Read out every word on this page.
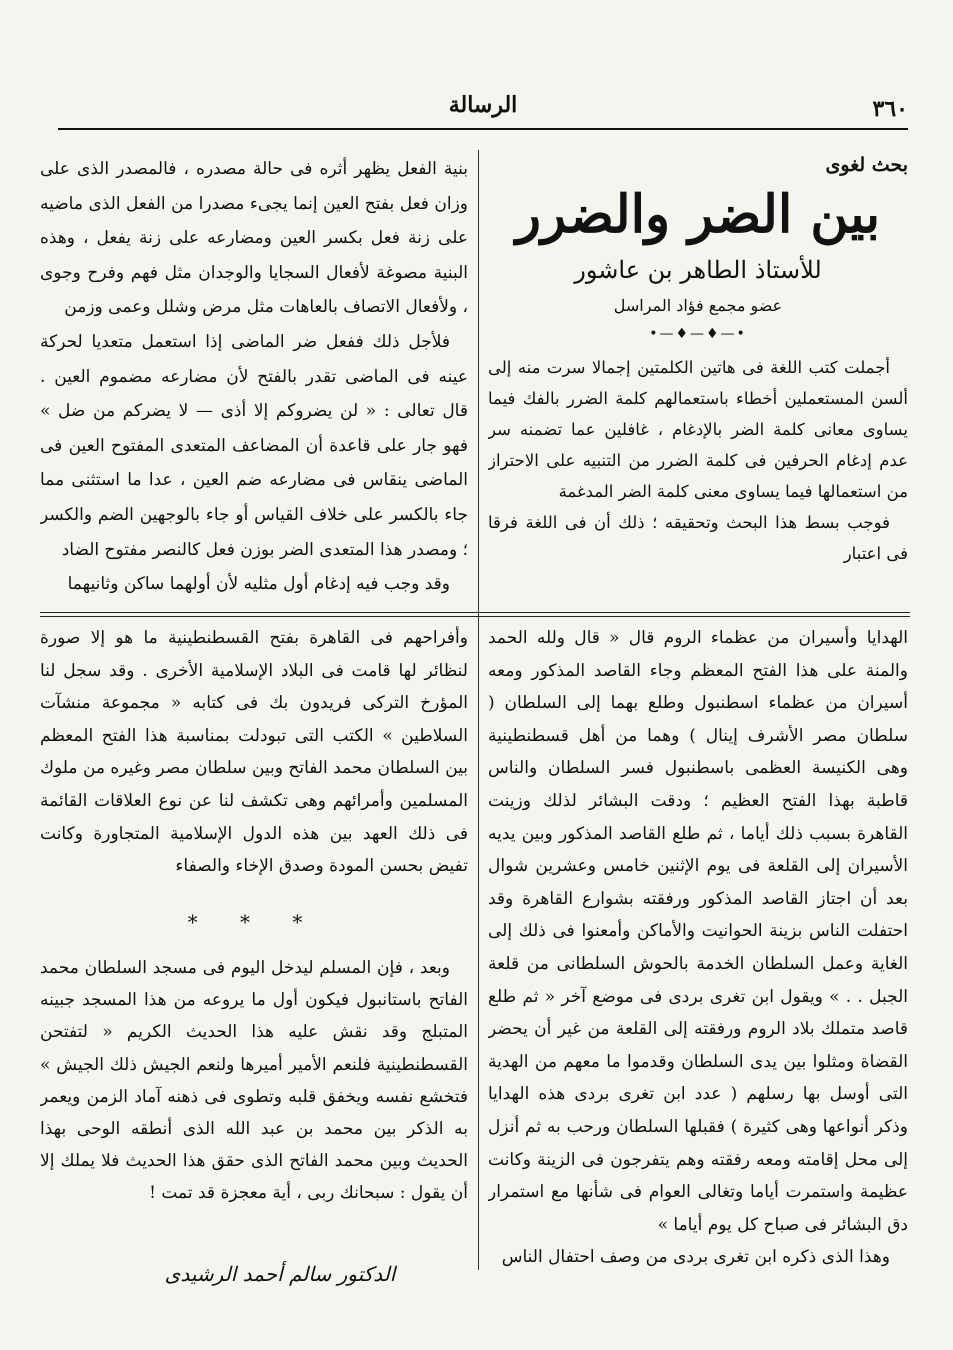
٣٦٠
الرسالة

بحث لغوى

بين الضر والضرر

للأستاذ الطاهر بن عاشور

عضو مجمع فؤاد المراسل

•—♦—♦—•

أجملت كتب اللغة فى هاتين الكلمتين إجمالا سرت منه إلى ألسن المستعملين أخطاء باستعمالهم كلمة الضرر بالفك فيما يساوى معانى كلمة الضر بالإدغام ، غافلين عما تضمنه سر عدم إدغام الحرفين فى كلمة الضرر من التنبيه على الاحتراز من استعمالها فيما يساوى معنى كلمة الضر المدغمة

فوجب بسط هذا البحث وتحقيقه ؛ ذلك أن فى اللغة فرقا فى اعتبار

بنية الفعل يظهر أثره فى حالة مصدره ، فالمصدر الذى على وزان فعل بفتح العين إنما يجىء مصدرا من الفعل الذى ماضيه على زنة فعل بكسر العين ومضارعه على زنة يفعل ، وهذه البنية مصوغة لأفعال السجايا والوجدان مثل فهم وفرح وجوى ، ولأفعال الاتصاف بالعاهات مثل مرض وشلل وعمى وزمن

فلأجل ذلك ففعل ضر الماضى إذا استعمل متعديا لحركة عينه فى الماضى تقدر بالفتح لأن مضارعه مضموم العين . قال تعالى : « لن يضروكم إلا أذى — لا يضركم من ضل » فهو جار على قاعدة أن المضاعف المتعدى المفتوح العين فى الماضى ينقاس فى مضارعه ضم العين ، عدا ما استثنى مما جاء بالكسر على خلاف القياس أو جاء بالوجهين الضم والكسر ؛ ومصدر هذا المتعدى الضر بوزن فعل كالنصر مفتوح الضاد

وقد وجب فيه إدغام أول مثليه لأن أولهما ساكن وثانيهما

الهدايا وأسيران من عظماء الروم قال « قال ولله الحمد والمنة على هذا الفتح المعظم وجاء القاصد المذكور ومعه أسيران من عظماء اسطنبول وطلع بهما إلى السلطان ( سلطان مصر الأشرف إينال ) وهما من أهل قسطنطينية وهى الكنيسة العظمى باسطنبول فسر السلطان والناس قاطبة بهذا الفتح العظيم ؛ ودقت البشائر لذلك وزينت القاهرة بسبب ذلك أياما ، ثم طلع القاصد المذكور وبين يديه الأسيران إلى القلعة فى يوم الإثنين خامس وعشرين شوال بعد أن اجتاز القاصد المذكور ورفقته بشوارع القاهرة وقد احتفلت الناس بزينة الحوانيت والأماكن وأمعنوا فى ذلك إلى الغاية وعمل السلطان الخدمة بالحوش السلطانى من قلعة الجبل . . » ويقول ابن تغرى بردى فى موضع آخر « ثم طلع قاصد متملك بلاد الروم ورفقته إلى القلعة من غير أن يحضر القضاة ومثلوا بين يدى السلطان وقدموا ما معهم من الهدية التى أوسل بها رسلهم ( عدد ابن تغرى بردى هذه الهدايا وذكر أنواعها وهى كثيرة ) فقبلها السلطان ورحب به ثم أنزل إلى محل إقامته ومعه رفقته وهم يتفرجون فى الزينة وكانت عظيمة واستمرت أياما وتغالى العوام فى شأنها مع استمرار دق البشائر فى صباح كل يوم أياما »

وهذا الذى ذكره ابن تغرى بردى من وصف احتفال الناس

وأفراحهم فى القاهرة بفتح القسطنطينية ما هو إلا صورة لنظائر لها قامت فى البلاد الإسلامية الأخرى . وقد سجل لنا المؤرخ التركى فريدون بك فى كتابه « مجموعة منشآت السلاطين » الكتب التى تبودلت بمناسبة هذا الفتح المعظم بين السلطان محمد الفاتح وبين سلطان مصر وغيره من ملوك المسلمين وأمرائهم وهى تكشف لنا عن نوع العلاقات القائمة فى ذلك العهد بين هذه الدول الإسلامية المتجاورة وكانت تفيض بحسن المودة وصدق الإخاء والصفاء

* * *

وبعد ، فإن المسلم ليدخل اليوم فى مسجد السلطان محمد الفاتح باستانبول فيكون أول ما يروعه من هذا المسجد جبينه المتبلج وقد نقش عليه هذا الحديث الكريم « لتفتحن القسطنطينية فلنعم الأمير أميرها ولنعم الجيش ذلك الجيش » فتخشع نفسه ويخفق قلبه وتطوى فى ذهنه آماد الزمن ويعمر به الذكر بين محمد بن عبد الله الذى أنطقه الوحى بهذا الحديث وبين محمد الفاتح الذى حقق هذا الحديث فلا يملك إلا أن يقول : سبحانك ربى ، أية معجزة قد تمت !

الدكتور سالم أحمد الرشيدى
